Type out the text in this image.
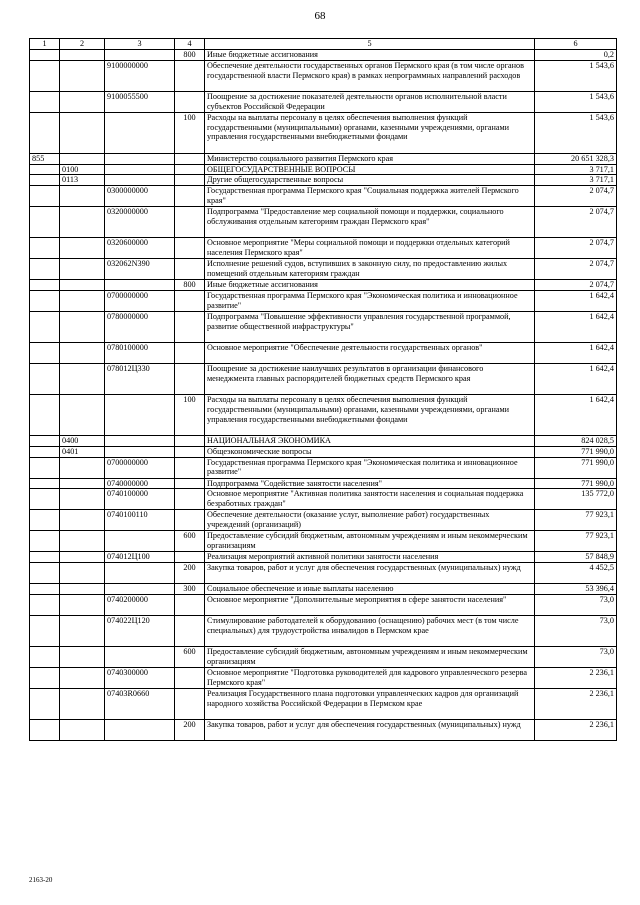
68
1	2	3	4	5	6
			800	Иные бюджетные ассигнования	0,2
		9100000000		Обеспечение деятельности государственных органов Пермского края (в том числе органов государственной власти Пермского края) в рамках непрограммных направлений расходов	1 543,6
		9100055500		Поощрение за достижение показателей деятельности органов исполнительной власти субъектов Российской Федерации	1 543,6
			100	Расходы на выплаты персоналу в целях обеспечения выполнения функций государственными (муниципальными) органами, казенными учреждениями, органами управления государственными внебюджетными фондами	1 543,6
855				Министерство социального развития Пермского края	20 651 328,3
	0100			ОБЩЕГОСУДАРСТВЕННЫЕ ВОПРОСЫ	3 717,1
	0113			Другие общегосударственные вопросы	3 717,1
		0300000000		Государственная программа Пермского края "Социальная поддержка жителей Пермского края"	2 074,7
		0320000000		Подпрограмма "Предоставление мер социальной помощи и поддержки, социального обслуживания отдельным категориям граждан Пермского края"	2 074,7
		0320600000		Основное мероприятие "Меры социальной помощи и поддержки отдельных категорий населения Пермского края"	2 074,7
		032062N390		Исполнение решений судов, вступивших в законную силу, по предоставлению жилых помещений отдельным категориям граждан	2 074,7
			800	Иные бюджетные ассигнования	2 074,7
		0700000000		Государственная программа Пермского края "Экономическая политика и инновационное развитие"	1 642,4
		0780000000		Подпрограмма "Повышение эффективности управления государственной программой, развитие общественной инфраструктуры"	1 642,4
		0780100000		Основное мероприятие "Обеспечение деятельности государственных органов"	1 642,4
		078012Ц330		Поощрение за достижение наилучших результатов в организации финансового менеджмента главных распорядителей бюджетных средств Пермского края	1 642,4
			100	Расходы на выплаты персоналу в целях обеспечения выполнения функций государственными (муниципальными) органами, казенными учреждениями, органами управления государственными внебюджетными фондами	1 642,4
	0400			НАЦИОНАЛЬНАЯ ЭКОНОМИКА	824 028,5
	0401			Общеэкономические вопросы	771 990,0
		0700000000		Государственная программа Пермского края "Экономическая политика и инновационное развитие"	771 990,0
		0740000000		Подпрограмма "Содействие занятости населения"	771 990,0
		0740100000		Основное мероприятие "Активная политика занятости населения и социальная поддержка безработных граждан"	135 772,0
		0740100110		Обеспечение деятельности (оказание услуг, выполнение работ) государственных учреждений (организаций)	77 923,1
			600	Предоставление субсидий бюджетным, автономным учреждениям и иным некоммерческим организациям	77 923,1
		074012Ц100		Реализация мероприятий активной политики занятости населения	57 848,9
			200	Закупка товаров, работ и услуг для обеспечения государственных (муниципальных) нужд	4 452,5
			300	Социальное обеспечение и иные выплаты населению	53 396,4
		0740200000		Основное мероприятие "Дополнительные мероприятия в сфере занятости населения"	73,0
		074022Ц120		Стимулирование работодателей к оборудованию (оснащению) рабочих мест (в том числе специальных) для трудоустройства инвалидов в Пермском крае	73,0
			600	Предоставление субсидий бюджетным, автономным учреждениям и иным некоммерческим организациям	73,0
		0740300000		Основное мероприятие "Подготовка руководителей для кадрового управленческого резерва Пермского края"	2 236,1
		07403R0660		Реализация Государственного плана подготовки управленческих кадров для организаций народного хозяйства Российской Федерации в Пермском крае	2 236,1
			200	Закупка товаров, работ и услуг для обеспечения государственных (муниципальных) нужд	2 236,1
2163-20
